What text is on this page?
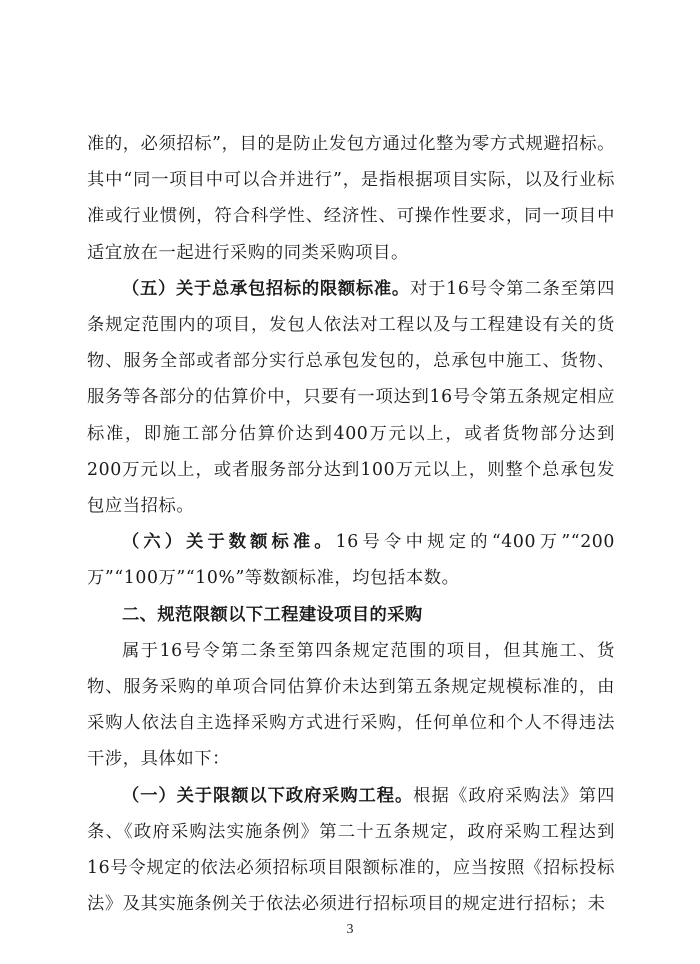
准的，必须招标”，目的是防止发包方通过化整为零方式规避招标。其中“同一项目中可以合并进行”，是指根据项目实际，以及行业标准或行业惯例，符合科学性、经济性、可操作性要求，同一项目中适宜放在一起进行采购的同类采购项目。

（五）关于总承包招标的限额标准。对于16号令第二条至第四条规定范围内的项目，发包人依法对工程以及与工程建设有关的货物、服务全部或者部分实行总承包发包的，总承包中施工、货物、服务等各部分的估算价中，只要有一项达到16号令第五条规定相应标准，即施工部分估算价达到400万元以上，或者货物部分达到200万元以上，或者服务部分达到100万元以上，则整个总承包发包应当招标。

（六）关于数额标准。16号令中规定的“400万”“200万”“100万”“10%”等数额标准，均包括本数。

二、规范限额以下工程建设项目的采购

属于16号令第二条至第四条规定范围的项目，但其施工、货物、服务采购的单项合同估算价未达到第五条规定规模标准的，由采购人依法自主选择采购方式进行采购，任何单位和个人不得违法干涉，具体如下：

（一）关于限额以下政府采购工程。根据《政府采购法》第四条、《政府采购法实施条例》第二十五条规定，政府采购工程达到16号令规定的依法必须招标项目限额标准的，应当按照《招标投标法》及其实施条例关于依法必须进行招标项目的规定进行招标；未

3
